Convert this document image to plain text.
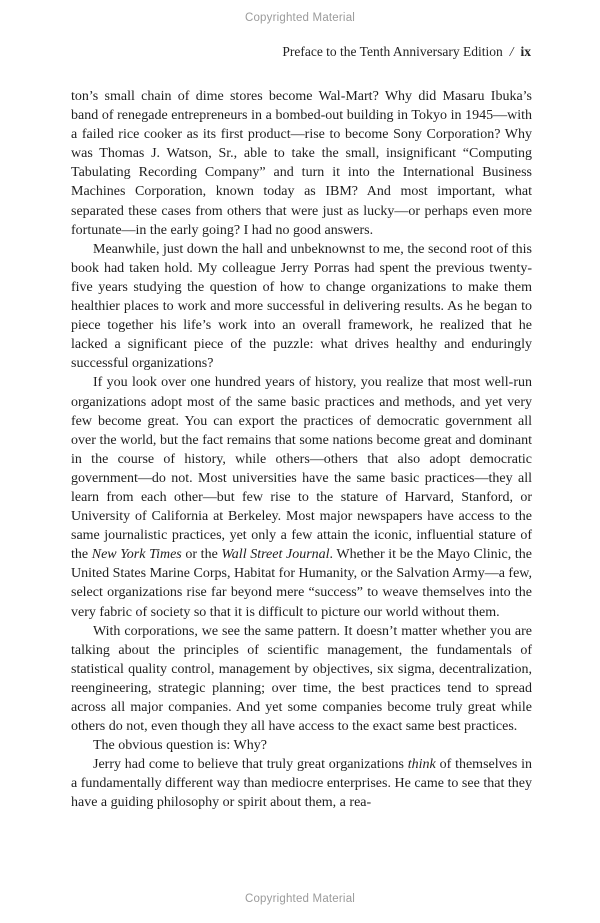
Copyrighted Material
Preface to the Tenth Anniversary Edition / ix

ton’s small chain of dime stores become Wal-Mart? Why did Masaru Ibuka’s band of renegade entrepreneurs in a bombed-out building in Tokyo in 1945—with a failed rice cooker as its first product—rise to become Sony Corporation? Why was Thomas J. Watson, Sr., able to take the small, insignificant “Computing Tabulating Recording Company” and turn it into the International Business Machines Corporation, known today as IBM? And most important, what separated these cases from others that were just as lucky—or perhaps even more fortunate—in the early going? I had no good answers.

Meanwhile, just down the hall and unbeknownst to me, the second root of this book had taken hold. My colleague Jerry Porras had spent the previous twenty-five years studying the question of how to change organizations to make them healthier places to work and more successful in delivering results. As he began to piece together his life’s work into an overall framework, he realized that he lacked a significant piece of the puzzle: what drives healthy and enduringly successful organizations?

If you look over one hundred years of history, you realize that most well-run organizations adopt most of the same basic practices and methods, and yet very few become great. You can export the practices of democratic government all over the world, but the fact remains that some nations become great and dominant in the course of history, while others—others that also adopt democratic government—do not. Most universities have the same basic practices—they all learn from each other—but few rise to the stature of Harvard, Stanford, or University of California at Berkeley. Most major newspapers have access to the same journalistic practices, yet only a few attain the iconic, influential stature of the New York Times or the Wall Street Journal. Whether it be the Mayo Clinic, the United States Marine Corps, Habitat for Humanity, or the Salvation Army—a few, select organizations rise far beyond mere “success” to weave themselves into the very fabric of society so that it is difficult to picture our world without them.

With corporations, we see the same pattern. It doesn’t matter whether you are talking about the principles of scientific management, the fundamentals of statistical quality control, management by objectives, six sigma, decentralization, reengineering, strategic planning; over time, the best practices tend to spread across all major companies. And yet some companies become truly great while others do not, even though they all have access to the exact same best practices.

The obvious question is: Why?

Jerry had come to believe that truly great organizations think of themselves in a fundamentally different way than mediocre enterprises. He came to see that they have a guiding philosophy or spirit about them, a rea-

Copyrighted Material
